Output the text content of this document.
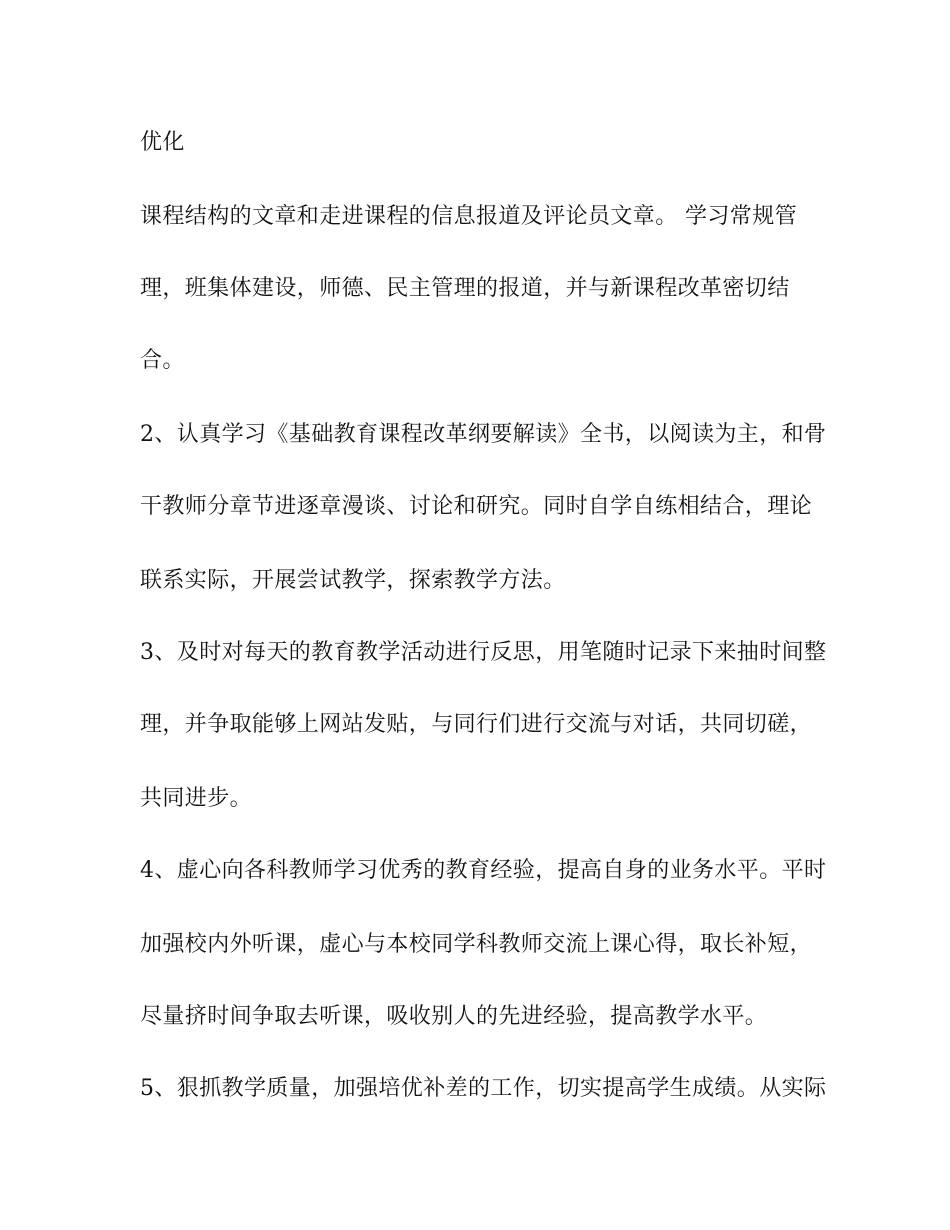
优化
课程结构的文章和走进课程的信息报道及评论员文章。 学习常规管
理，班集体建设，师德、民主管理的报道，并与新课程改革密切结
合。
2、认真学习《基础教育课程改革纲要解读》全书，以阅读为主，和骨
干教师分章节进逐章漫谈、讨论和研究。同时自学自练相结合，理论
联系实际，开展尝试教学，探索教学方法。
3、及时对每天的教育教学活动进行反思，用笔随时记录下来抽时间整
理，并争取能够上网站发贴，与同行们进行交流与对话，共同切磋，
共同进步。
4、虚心向各科教师学习优秀的教育经验，提高自身的业务水平。平时
加强校内外听课，虚心与本校同学科教师交流上课心得，取长补短，
尽量挤时间争取去听课，吸收别人的先进经验，提高教学水平。
5、狠抓教学质量，加强培优补差的工作，切实提高学生成绩。从实际
